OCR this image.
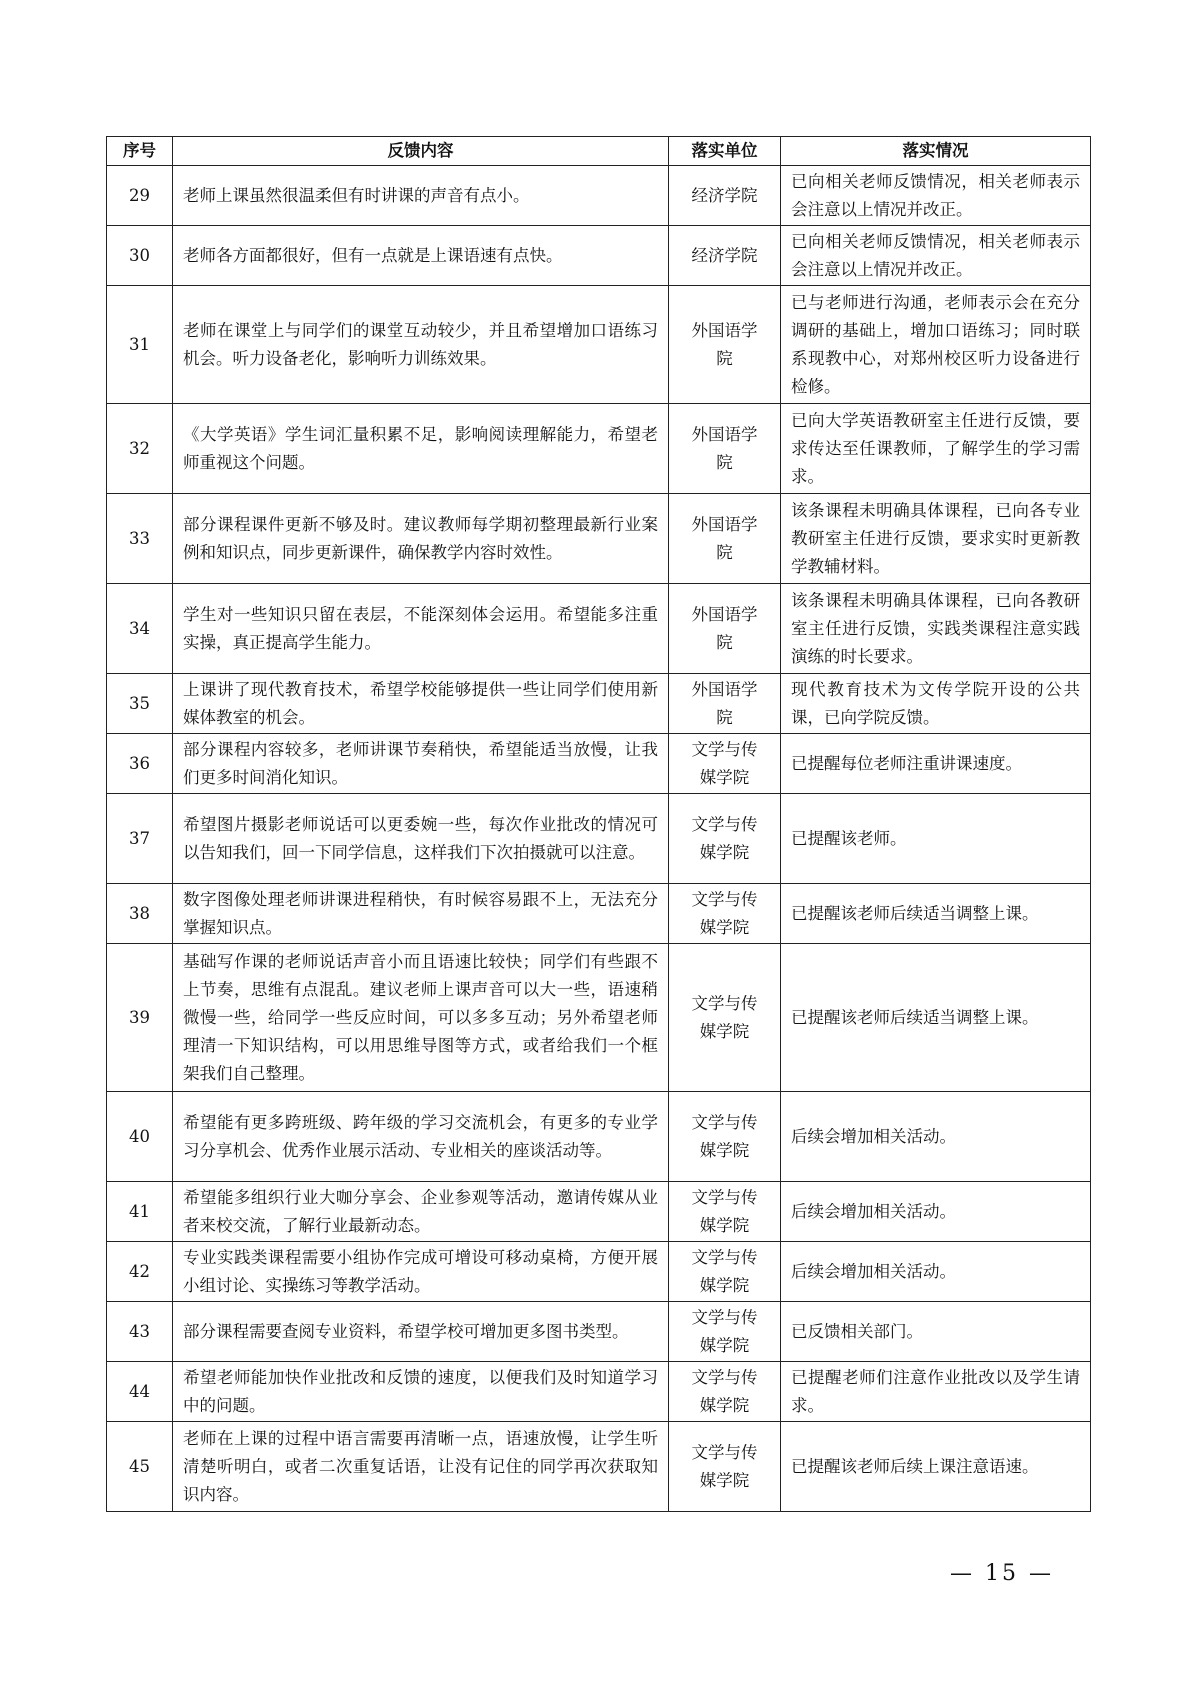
序号	反馈内容	落实单位	落实情况
29	老师上课虽然很温柔但有时讲课的声音有点小。	经济学院	已向相关老师反馈情况，相关老师表示会注意以上情况并改正。
30	老师各方面都很好，但有一点就是上课语速有点快。	经济学院	已向相关老师反馈情况，相关老师表示会注意以上情况并改正。
31	老师在课堂上与同学们的课堂互动较少，并且希望增加口语练习机会。听力设备老化，影响听力训练效果。	外国语学院	已与老师进行沟通，老师表示会在充分调研的基础上，增加口语练习；同时联系现教中心，对郑州校区听力设备进行检修。
32	《大学英语》学生词汇量积累不足，影响阅读理解能力，希望老师重视这个问题。	外国语学院	已向大学英语教研室主任进行反馈，要求传达至任课教师，了解学生的学习需求。
33	部分课程课件更新不够及时。建议教师每学期初整理最新行业案例和知识点，同步更新课件，确保教学内容时效性。	外国语学院	该条课程未明确具体课程，已向各专业教研室主任进行反馈，要求实时更新教学教辅材料。
34	学生对一些知识只留在表层，不能深刻体会运用。希望能多注重实操，真正提高学生能力。	外国语学院	该条课程未明确具体课程，已向各教研室主任进行反馈，实践类课程注意实践演练的时长要求。
35	上课讲了现代教育技术，希望学校能够提供一些让同学们使用新媒体教室的机会。	外国语学院	现代教育技术为文传学院开设的公共课，已向学院反馈。
36	部分课程内容较多，老师讲课节奏稍快，希望能适当放慢，让我们更多时间消化知识。	文学与传媒学院	已提醒每位老师注重讲课速度。
37	希望图片摄影老师说话可以更委婉一些，每次作业批改的情况可以告知我们，回一下同学信息，这样我们下次拍摄就可以注意。	文学与传媒学院	已提醒该老师。
38	数字图像处理老师讲课进程稍快，有时候容易跟不上，无法充分掌握知识点。	文学与传媒学院	已提醒该老师后续适当调整上课。
39	基础写作课的老师说话声音小而且语速比较快；同学们有些跟不上节奏，思维有点混乱。建议老师上课声音可以大一些，语速稍微慢一些，给同学一些反应时间，可以多多互动；另外希望老师理清一下知识结构，可以用思维导图等方式，或者给我们一个框架我们自己整理。	文学与传媒学院	已提醒该老师后续适当调整上课。
40	希望能有更多跨班级、跨年级的学习交流机会，有更多的专业学习分享机会、优秀作业展示活动、专业相关的座谈活动等。	文学与传媒学院	后续会增加相关活动。
41	希望能多组织行业大咖分享会、企业参观等活动，邀请传媒从业者来校交流，了解行业最新动态。	文学与传媒学院	后续会增加相关活动。
42	专业实践类课程需要小组协作完成可增设可移动桌椅，方便开展小组讨论、实操练习等教学活动。	文学与传媒学院	后续会增加相关活动。
43	部分课程需要查阅专业资料，希望学校可增加更多图书类型。	文学与传媒学院	已反馈相关部门。
44	希望老师能加快作业批改和反馈的速度，以便我们及时知道学习中的问题。	文学与传媒学院	已提醒老师们注意作业批改以及学生请求。
45	老师在上课的过程中语言需要再清晰一点，语速放慢，让学生听清楚听明白，或者二次重复话语，让没有记住的同学再次获取知识内容。	文学与传媒学院	已提醒该老师后续上课注意语速。
— 15 —
